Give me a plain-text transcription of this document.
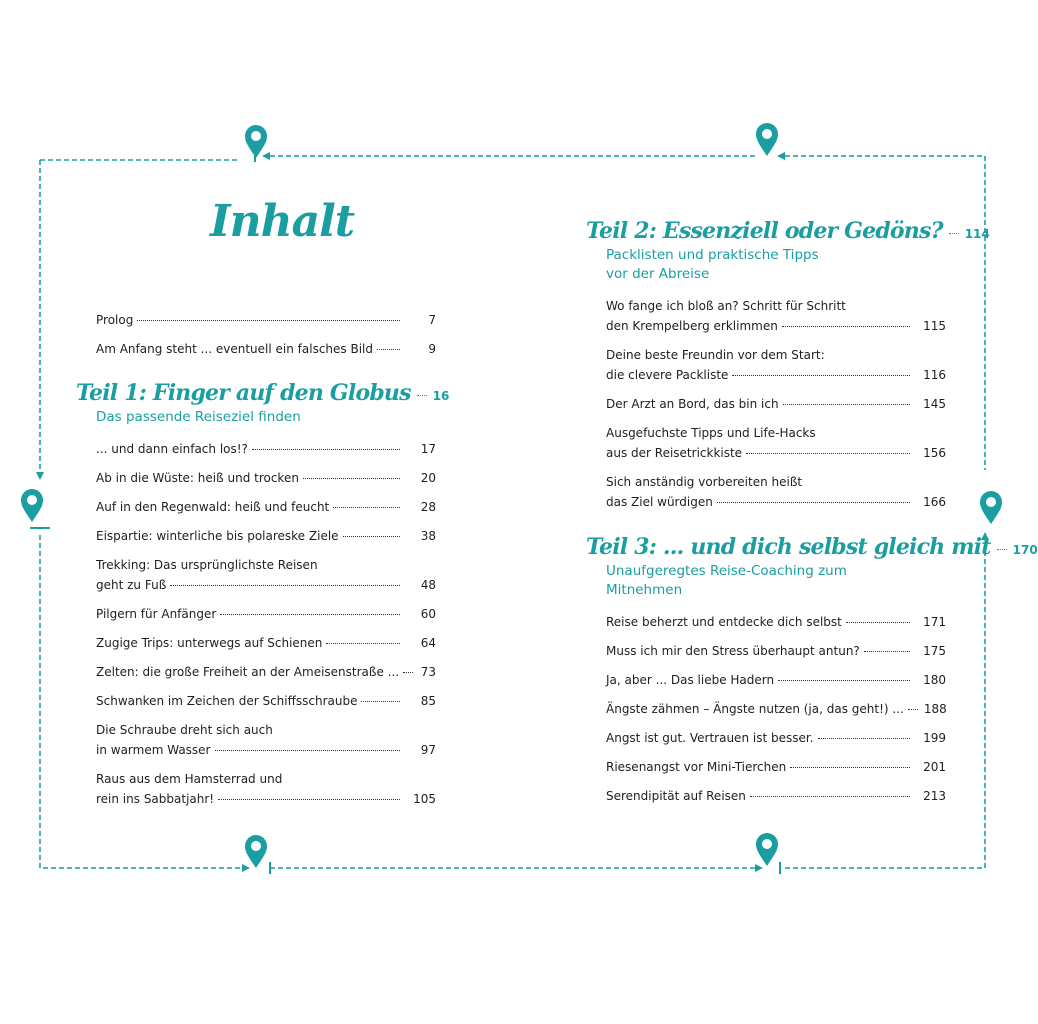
Inhalt
Prolog	7
Am Anfang steht ... eventuell ein falsches Bild	9
Teil 1: Finger auf den Globus 16
Das passende Reiseziel finden
... und dann einfach los!?	17
Ab in die Wüste: heiß und trocken	20
Auf in den Regenwald: heiß und feucht	28
Eispartie: winterliche bis polareske Ziele	38
Trekking: Das ursprünglichste Reisen
geht zu Fuß	48
Pilgern für Anfänger	60
Zugige Trips: unterwegs auf Schienen	64
Zelten: die große Freiheit an der Ameisenstraße ... 73
Schwanken im Zeichen der Schiffsschraube	85
Die Schraube dreht sich auch
in warmem Wasser	97
Raus aus dem Hamsterrad und
rein ins Sabbatjahr!	105
Teil 2: Essenziell oder Gedöns? 114
Packlisten und praktische Tipps
vor der Abreise
Wo fange ich bloß an? Schritt für Schritt
den Krempelberg erklimmen	115
Deine beste Freundin vor dem Start:
die clevere Packliste	116
Der Arzt an Bord, das bin ich	145
Ausgefuchste Tipps und Life-Hacks
aus der Reisetrickkiste	156
Sich anständig vorbereiten heißt
das Ziel würdigen	166
Teil 3: ... und dich selbst gleich mit 170
Unaufgeregtes Reise-Coaching zum
Mitnehmen
Reise beherzt und entdecke dich selbst	171
Muss ich mir den Stress überhaupt antun?	175
Ja, aber ... Das liebe Hadern	180
Ängste zähmen – Ängste nutzen (ja, das geht!) ... 188
Angst ist gut. Vertrauen ist besser.	199
Riesenangst vor Mini-Tierchen	201
Serendipität auf Reisen	213
